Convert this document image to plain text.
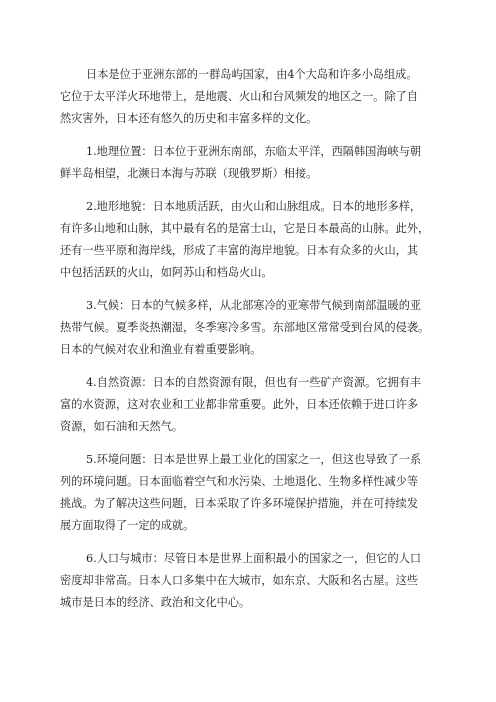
日本是位于亚洲东部的一群岛屿国家，由4个大岛和许多小岛组成。
它位于太平洋火环地带上，是地震、火山和台风频发的地区之一。除了自
然灾害外，日本还有悠久的历史和丰富多样的文化。

1.地理位置：日本位于亚洲东南部，东临太平洋，西隔韩国海峡与朝
鲜半岛相望，北濒日本海与苏联（现俄罗斯）相接。

2.地形地貌：日本地质活跃，由火山和山脉组成。日本的地形多样，
有许多山地和山脉，其中最有名的是富士山，它是日本最高的山脉。此外，
还有一些平原和海岸线，形成了丰富的海岸地貌。日本有众多的火山，其
中包括活跃的火山，如阿苏山和档岛火山。

3.气候：日本的气候多样，从北部寒冷的亚寒带气候到南部温暖的亚
热带气候。夏季炎热潮湿，冬季寒冷多雪。东部地区常常受到台风的侵袭。
日本的气候对农业和渔业有着重要影响。

4.自然资源：日本的自然资源有限，但也有一些矿产资源。它拥有丰
富的水资源，这对农业和工业都非常重要。此外，日本还依赖于进口许多
资源，如石油和天然气。

5.环境问题：日本是世界上最工业化的国家之一，但这也导致了一系
列的环境问题。日本面临着空气和水污染、土地退化、生物多样性减少等
挑战。为了解决这些问题，日本采取了许多环境保护措施，并在可持续发
展方面取得了一定的成就。

6.人口与城市：尽管日本是世界上面积最小的国家之一，但它的人口
密度却非常高。日本人口多集中在大城市，如东京、大阪和名古屋。这些
城市是日本的经济、政治和文化中心。
